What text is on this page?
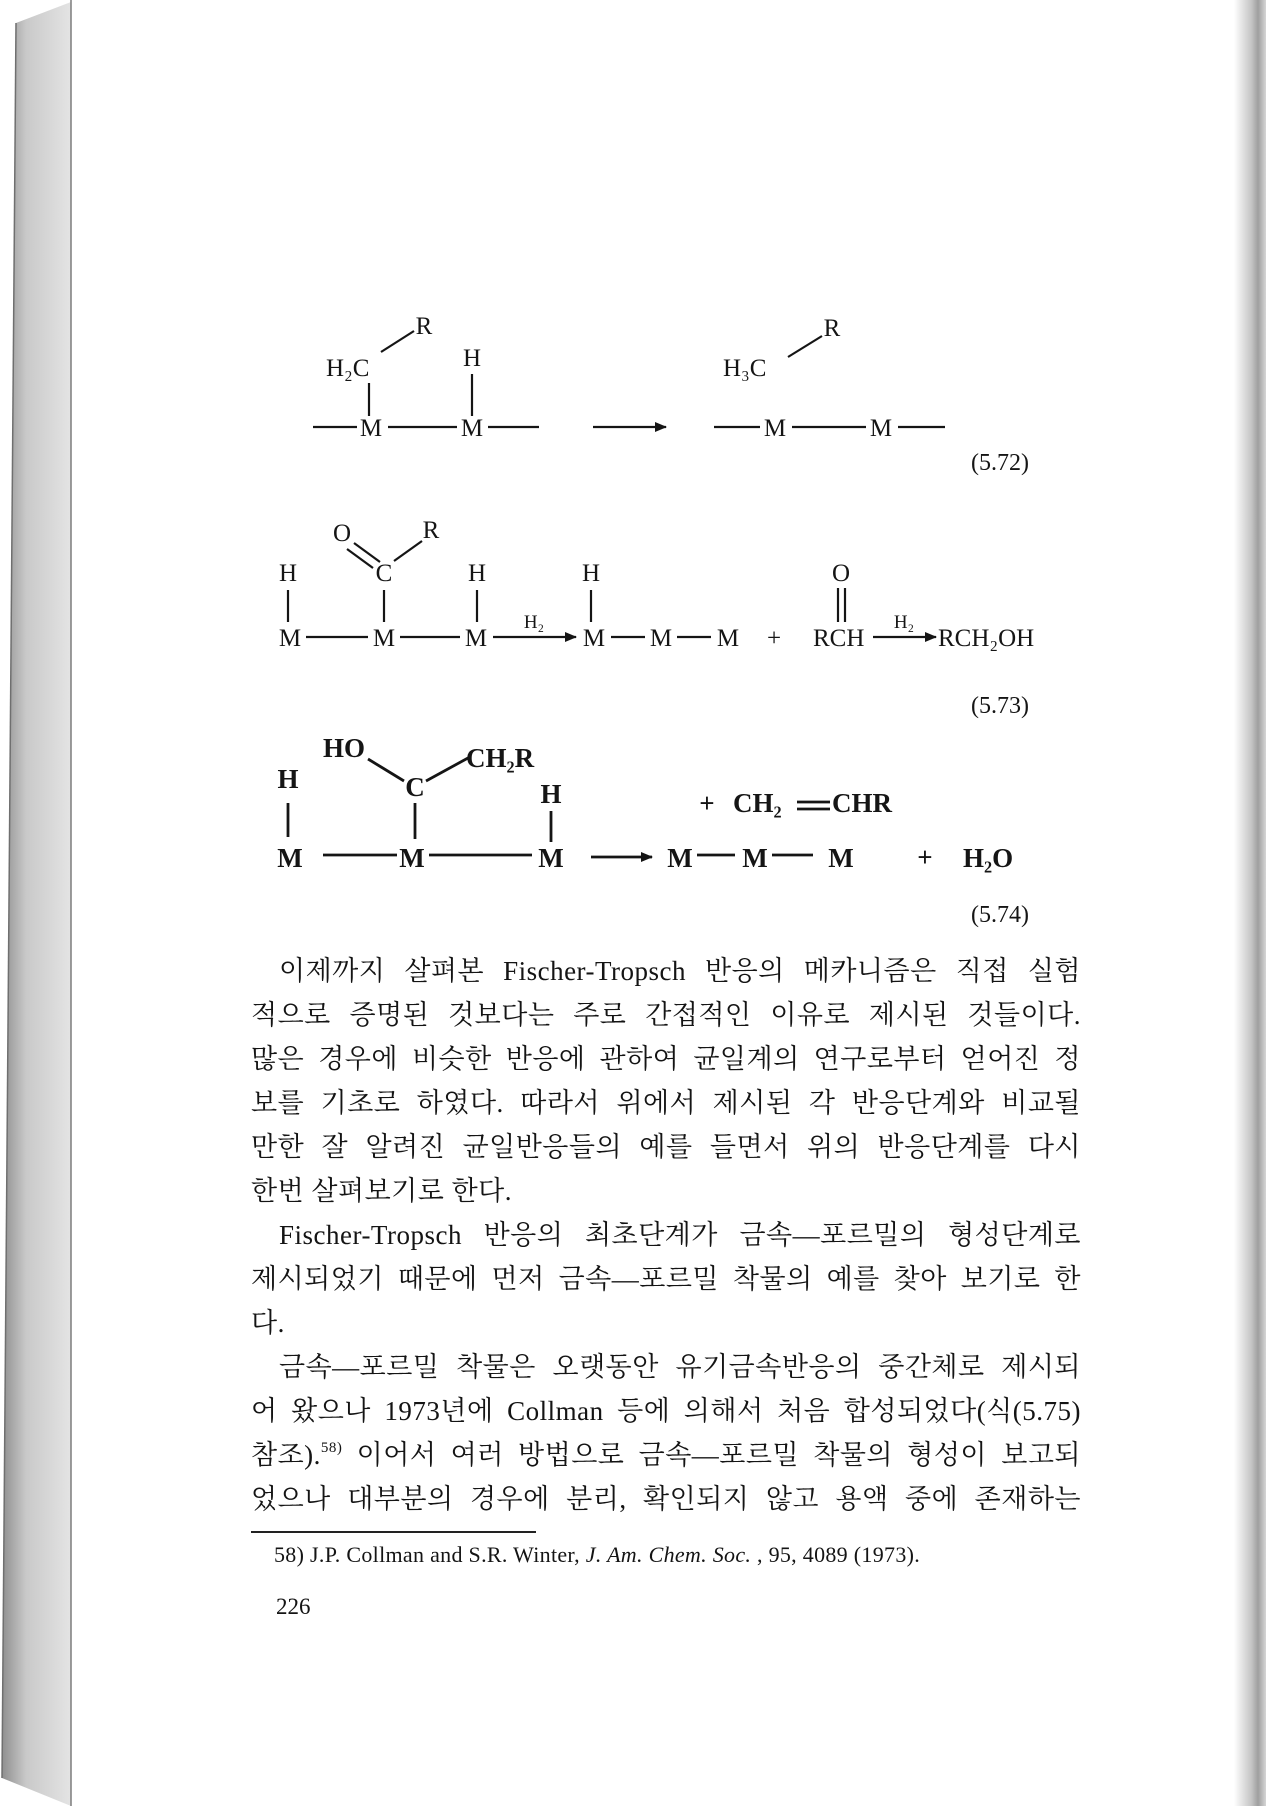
R
H₂C	H
M	M
R
H₃C
M	M
(5.72)
O	R
H	C	H
M	M	M
H₂
H
M M M +
O
RCH
H₂
RCH₂OH
(5.73)
HO	CH₂R
H	C	H
M	M	M
+ CH₂ CHR
M M M + H₂O
(5.74)
이제까지 살펴본 Fischer-Tropsch 반응의 메카니즘은 직접 실험
적으로 증명된 것보다는 주로 간접적인 이유로 제시된 것들이다.
많은 경우에 비슷한 반응에 관하여 균일계의 연구로부터 얻어진 정
보를 기초로 하였다. 따라서 위에서 제시된 각 반응단계와 비교될
만한 잘 알려진 균일반응들의 예를 들면서 위의 반응단계를 다시
한번 살펴보기로 한다.
Fischer-Tropsch 반응의 최초단계가 금속—포르밀의 형성단계로
제시되었기 때문에 먼저 금속—포르밀 착물의 예를 찾아 보기로 한
다.
금속—포르밀 착물은 오랫동안 유기금속반응의 중간체로 제시되
어 왔으나 1973년에 Collman 등에 의해서 처음 합성되었다(식(5.75)
참조).$^{58)}$ 이어서 여러 방법으로 금속—포르밀 착물의 형성이 보고되
었으나 대부분의 경우에 분리, 확인되지 않고 용액 중에 존재하는
58) J.P. Collman and S.R. Winter, J. Am. Chem. Soc. , 95, 4089 (1973).
226
